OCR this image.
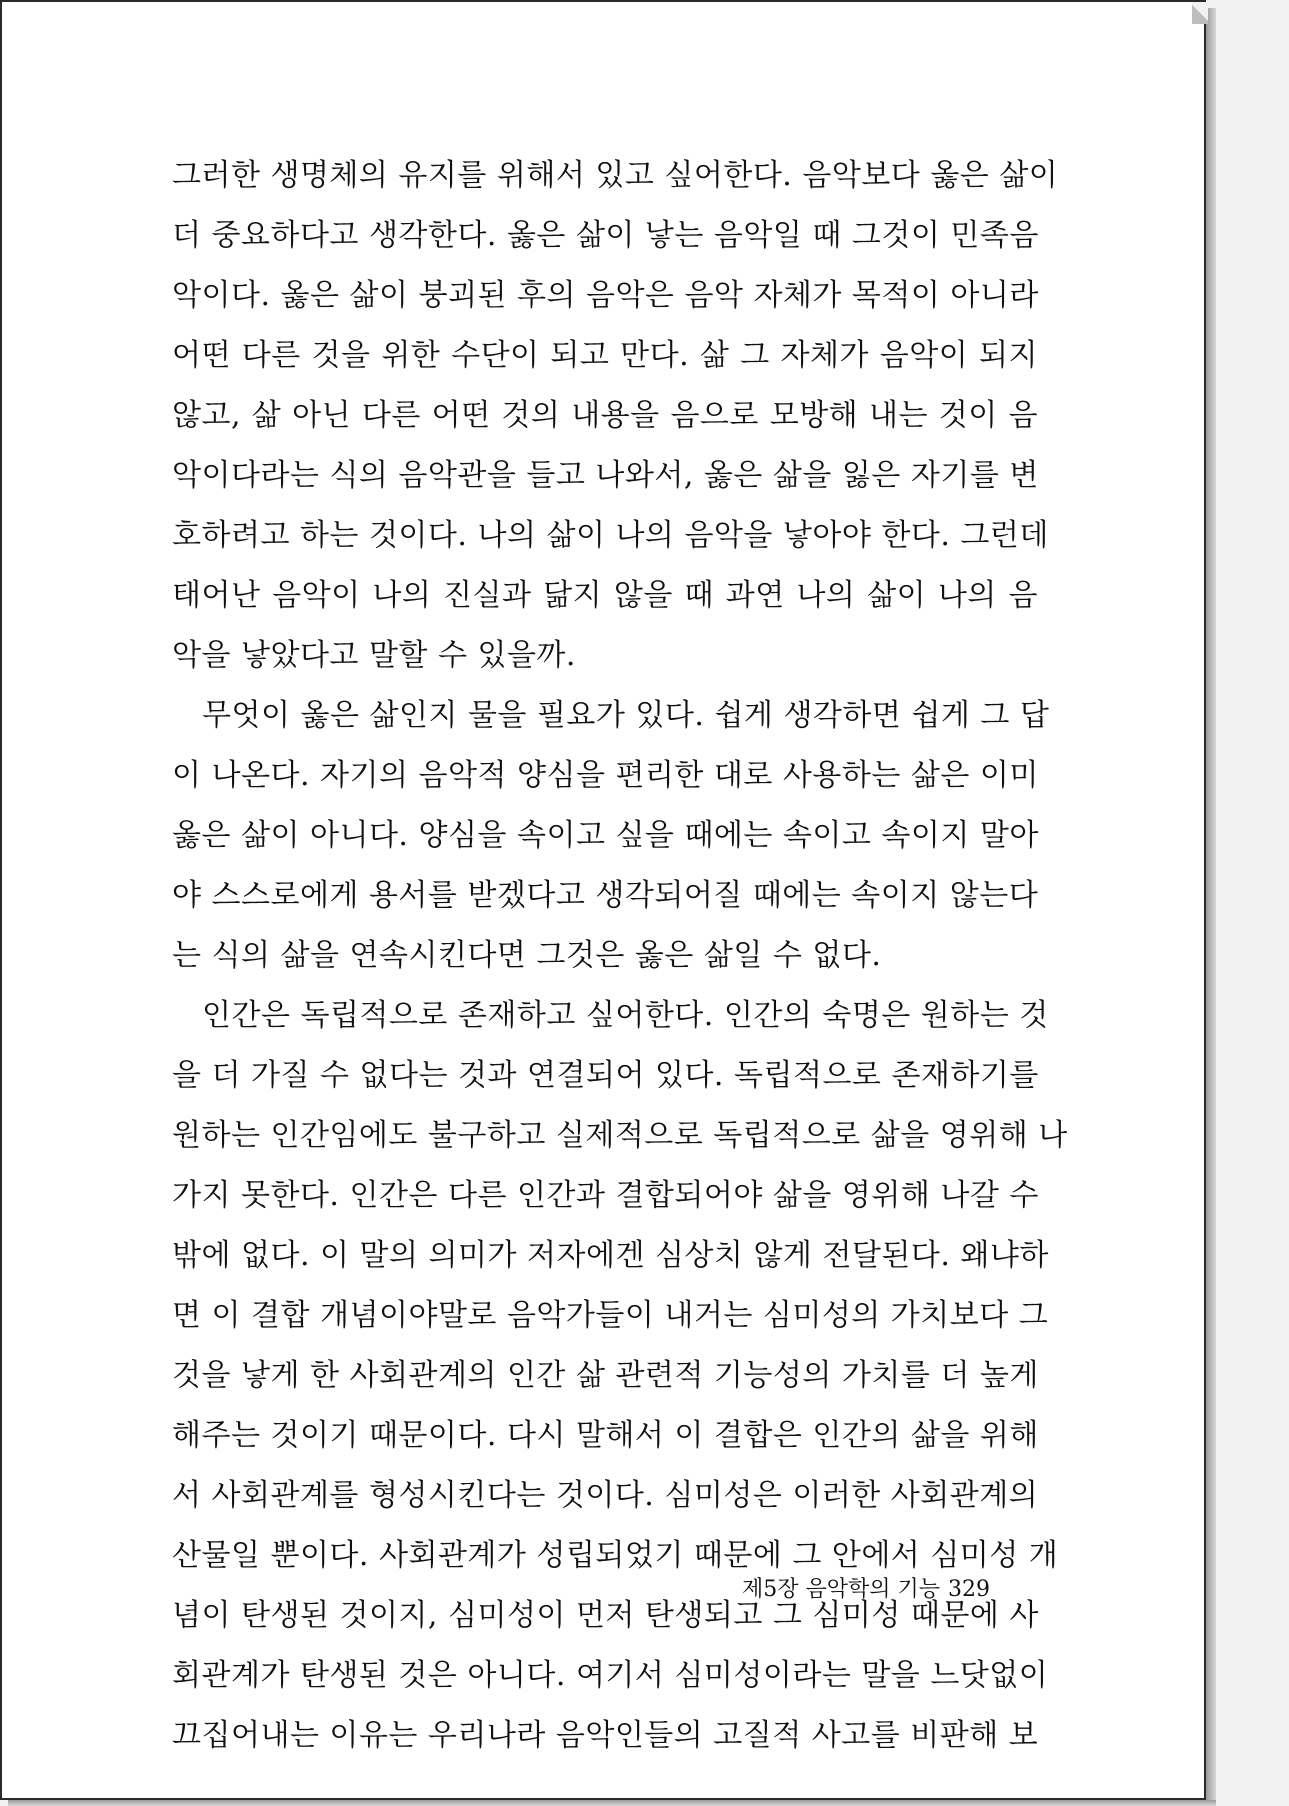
그러한 생명체의 유지를 위해서 있고 싶어한다. 음악보다 옳은 삶이
더 중요하다고 생각한다. 옳은 삶이 낳는 음악일 때 그것이 민족음
악이다. 옳은 삶이 붕괴된 후의 음악은 음악 자체가 목적이 아니라
어떤 다른 것을 위한 수단이 되고 만다. 삶 그 자체가 음악이 되지
않고, 삶 아닌 다른 어떤 것의 내용을 음으로 모방해 내는 것이 음
악이다라는 식의 음악관을 들고 나와서, 옳은 삶을 잃은 자기를 변
호하려고 하는 것이다. 나의 삶이 나의 음악을 낳아야 한다. 그런데
태어난 음악이 나의 진실과 닮지 않을 때 과연 나의 삶이 나의 음
악을 낳았다고 말할 수 있을까.
무엇이 옳은 삶인지 물을 필요가 있다. 쉽게 생각하면 쉽게 그 답
이 나온다. 자기의 음악적 양심을 편리한 대로 사용하는 삶은 이미
옳은 삶이 아니다. 양심을 속이고 싶을 때에는 속이고 속이지 말아
야 스스로에게 용서를 받겠다고 생각되어질 때에는 속이지 않는다
는 식의 삶을 연속시킨다면 그것은 옳은 삶일 수 없다.
인간은 독립적으로 존재하고 싶어한다. 인간의 숙명은 원하는 것
을 더 가질 수 없다는 것과 연결되어 있다. 독립적으로 존재하기를
원하는 인간임에도 불구하고 실제적으로 독립적으로 삶을 영위해 나
가지 못한다. 인간은 다른 인간과 결합되어야 삶을 영위해 나갈 수
밖에 없다. 이 말의 의미가 저자에겐 심상치 않게 전달된다. 왜냐하
면 이 결합 개념이야말로 음악가들이 내거는 심미성의 가치보다 그
것을 낳게 한 사회관계의 인간 삶 관련적 기능성의 가치를 더 높게
해주는 것이기 때문이다. 다시 말해서 이 결합은 인간의 삶을 위해
서 사회관계를 형성시킨다는 것이다. 심미성은 이러한 사회관계의
산물일 뿐이다. 사회관계가 성립되었기 때문에 그 안에서 심미성 개
념이 탄생된 것이지, 심미성이 먼저 탄생되고 그 심미성 때문에 사
회관계가 탄생된 것은 아니다. 여기서 심미성이라는 말을 느닷없이
끄집어내는 이유는 우리나라 음악인들의 고질적 사고를 비판해 보
제5장 음악학의 기능 329
